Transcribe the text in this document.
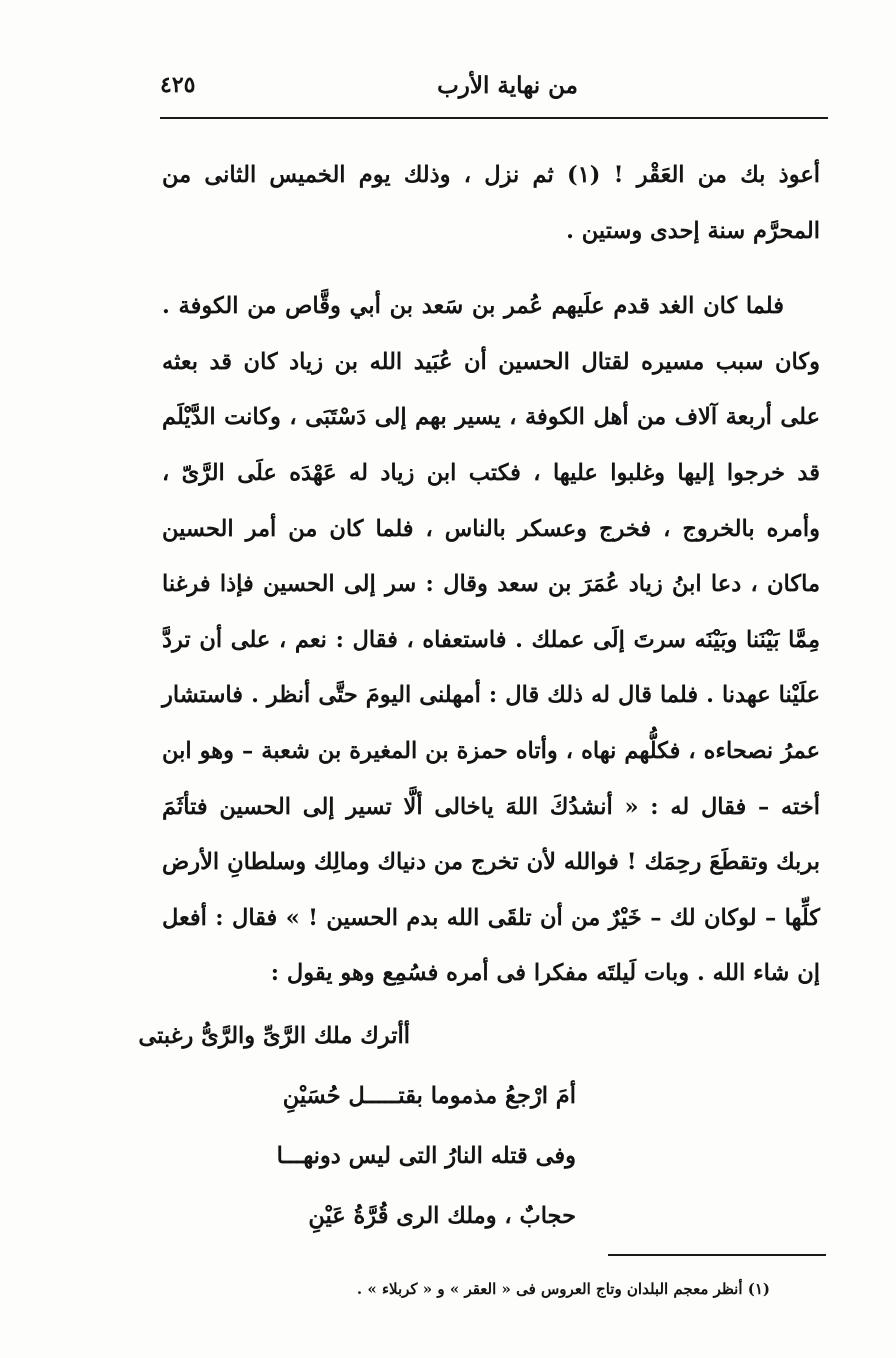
من نهاية الأرب
٤٢٥

أعوذ بك من العَقْر ! (١) ثم نزل ، وذلك يوم الخميس الثانى من المحرَّم سنة إحدى وستين .

فلما كان الغد قدم علَيهم عُمر بن سَعد بن أبي وقَّاص من الكوفة . وكان سبب مسيره لقتال الحسين أن عُبَيد الله بن زياد كان قد بعثه على أربعة آلاف من أهل الكوفة ، يسير بهم إلى دَسْتَبَى ، وكانت الدَّيْلَم قد خرجوا إليها وغلبوا عليها ، فكتب ابن زياد له عَهْدَه علَى الرَّىّ ، وأمره بالخروج ، فخرج وعسكر بالناس ، فلما كان من أمر الحسين ماكان ، دعا ابنُ زياد عُمَرَ بن سعد وقال : سر إلى الحسين فإذا فرغنا مِمَّا بَيْنَنا وبَيْنَه سرتَ إلَى عملك . فاستعفاه ، فقال : نعم ، على أن تردَّ علَيْنا عهدنا . فلما قال له ذلك قال : أمهلنى اليومَ حتَّى أنظر . فاستشار عمرُ نصحاءه ، فكلُّهم نهاه ، وأتاه حمزة بن المغيرة بن شعبة – وهو ابن أخته – فقال له : « أنشدُكَ اللهَ ياخالى ألَّا تسير إلى الحسين فتأثَمَ بربك وتقطَعَ رحِمَك ! فوالله لأن تخرج من دنياك ومالِك وسلطانِ الأرض كلِّها – لوكان لك – خَيْرٌ من أن تلقَى الله بدم الحسين ! » فقال : أفعل إن شاء الله . وبات لَيلتَه مفكرا فى أمره فسُمِع وهو يقول :

أأترك ملك الرَّىِّ والرَّىُّ رغبتى
أمَ ارْجعُ مذموما بقتـــــل حُسَيْنِ
وفى قتله النارُ التى ليس دونهـــا
حجابٌ ، وملك الرى قُرَّةُ عَيْنِ
(١) أنظر معجم البلدان وتاج العروس فى « العقر » و « كربلاء » .
